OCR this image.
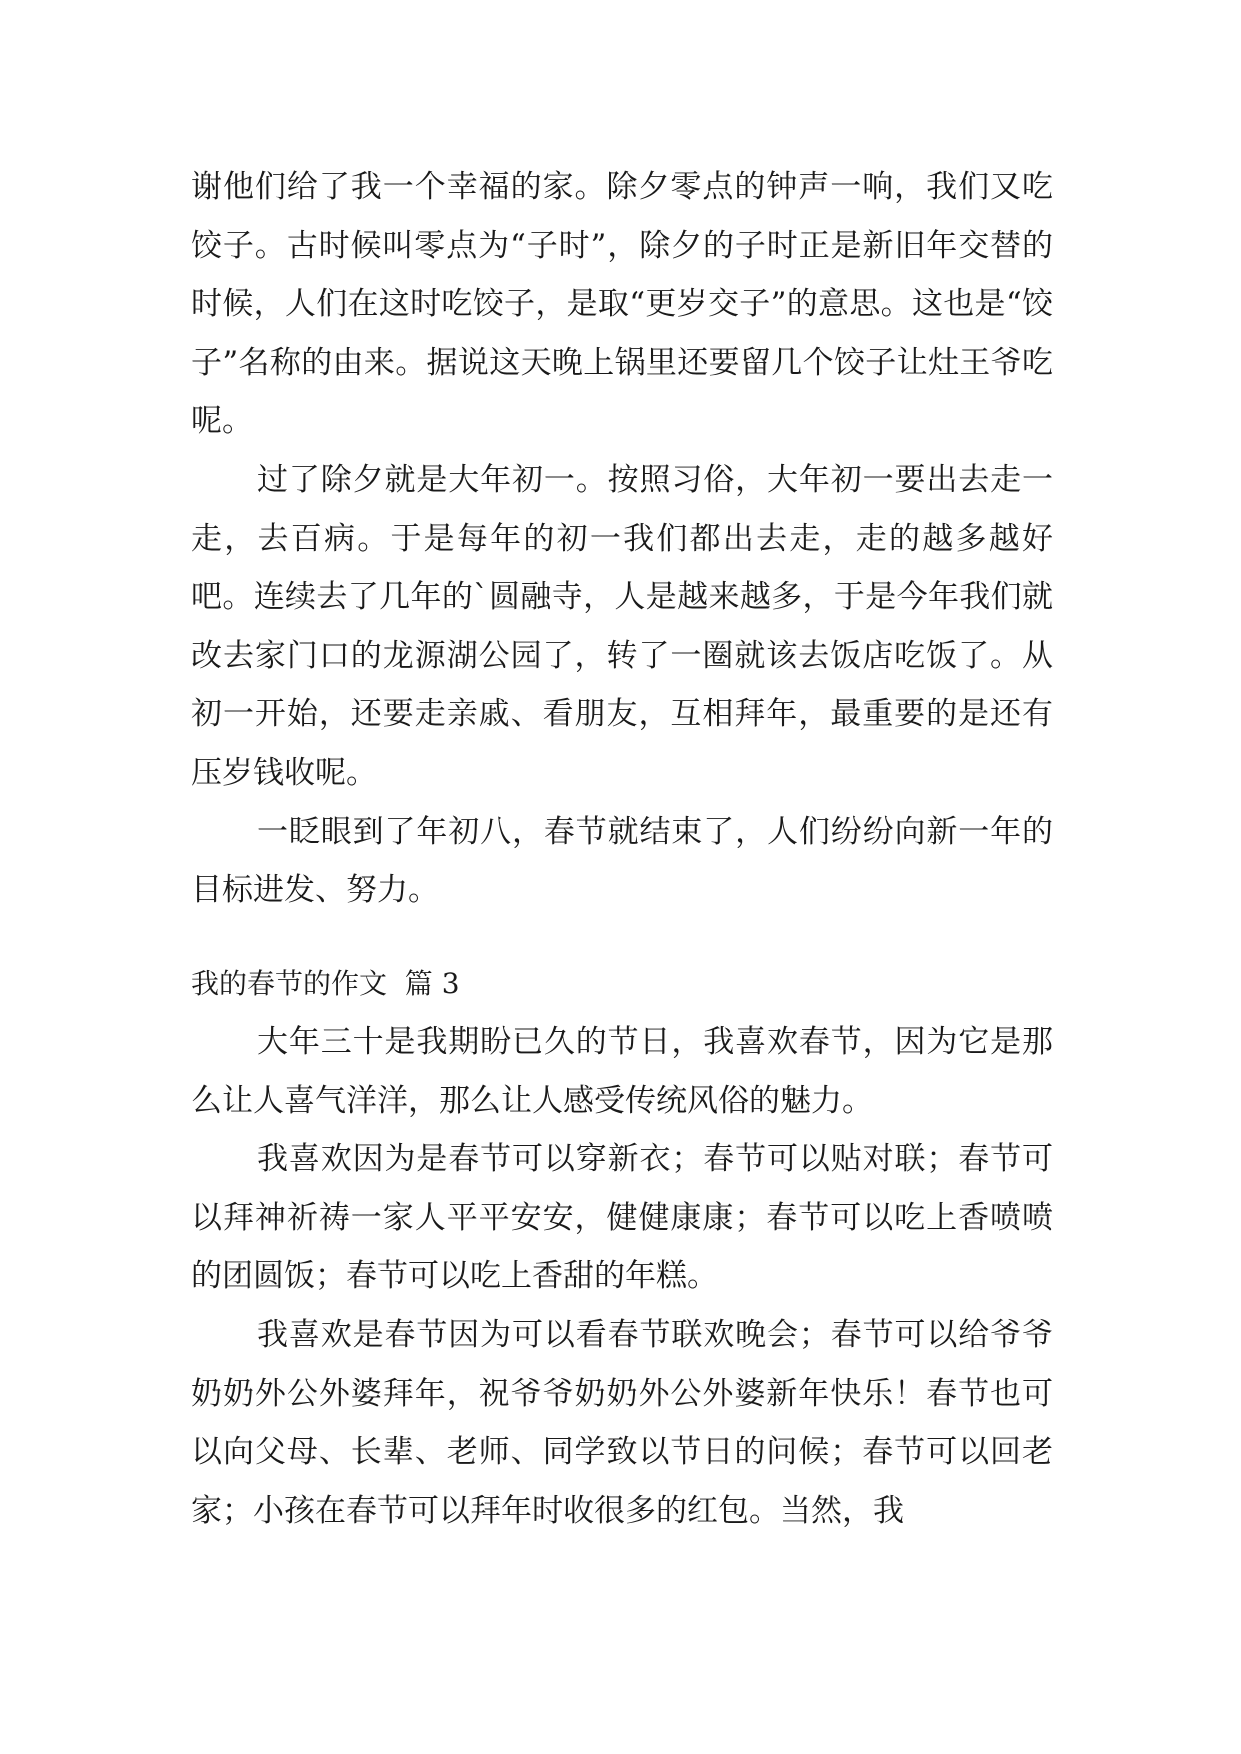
谢他们给了我一个幸福的家。除夕零点的钟声一响，我们又吃饺子。古时候叫零点为“子时”，除夕的子时正是新旧年交替的时候，人们在这时吃饺子，是取“更岁交子”的意思。这也是“饺子”名称的由来。据说这天晚上锅里还要留几个饺子让灶王爷吃呢。

过了除夕就是大年初一。按照习俗，大年初一要出去走一走，去百病。于是每年的初一我们都出去走，走的越多越好吧。连续去了几年的`圆融寺，人是越来越多，于是今年我们就改去家门口的龙源湖公园了，转了一圈就该去饭店吃饭了。从初一开始，还要走亲戚、看朋友，互相拜年，最重要的是还有压岁钱收呢。

一眨眼到了年初八，春节就结束了，人们纷纷向新一年的目标进发、努力。

我的春节的作文  篇 3

大年三十是我期盼已久的节日，我喜欢春节，因为它是那么让人喜气洋洋，那么让人感受传统风俗的魅力。

我喜欢因为是春节可以穿新衣；春节可以贴对联；春节可以拜神祈祷一家人平平安安，健健康康；春节可以吃上香喷喷的团圆饭；春节可以吃上香甜的年糕。

我喜欢是春节因为可以看春节联欢晚会；春节可以给爷爷奶奶外公外婆拜年，祝爷爷奶奶外公外婆新年快乐！春节也可以向父母、长辈、老师、同学致以节日的问候；春节可以回老家；小孩在春节可以拜年时收很多的红包。当然，我
